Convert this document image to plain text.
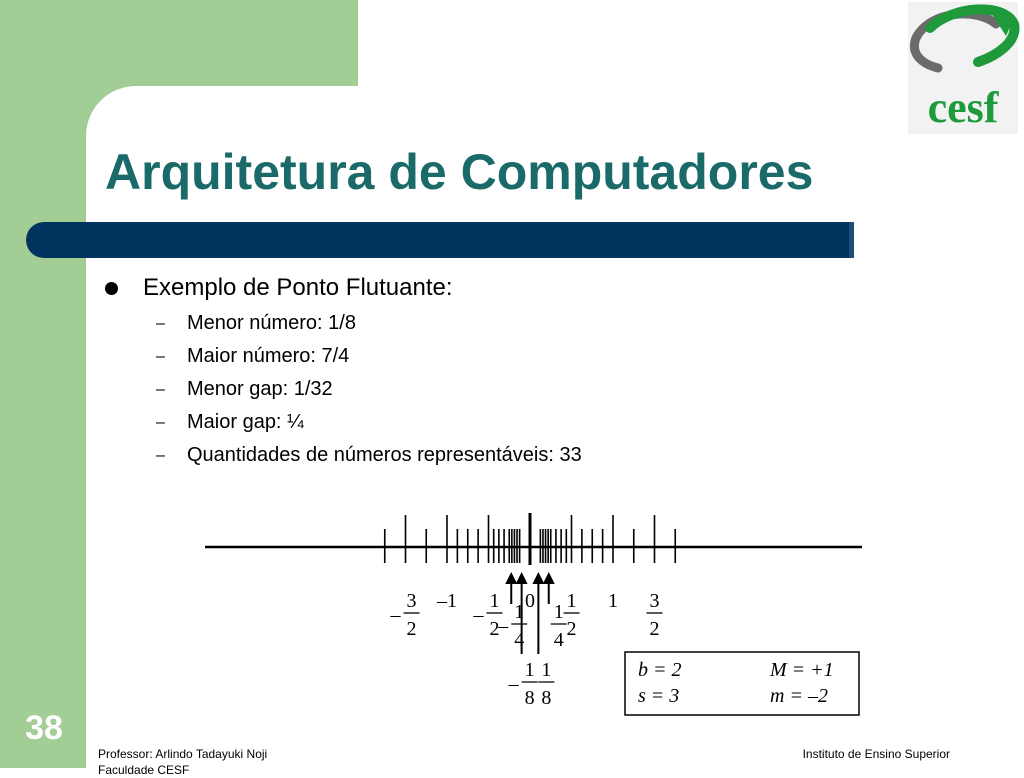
cesf
Arquitetura de Computadores
Exemplo de Ponto Flutuante:
– Menor número: 1/8
– Maior número: 7/4
– Menor gap: 1/32
– Maior gap: ¼
– Quantidades de números representáveis: 33
–
3
2
–1
–
1
2
–
1
4
0 1
4
1
2
1 3
2
–
1
8
1
8
b = 2
s = 3
M = +1
m = –2
38
Professor: Arlindo Tadayuki Noji
Faculdade CESF
Instituto de Ensino Superior
